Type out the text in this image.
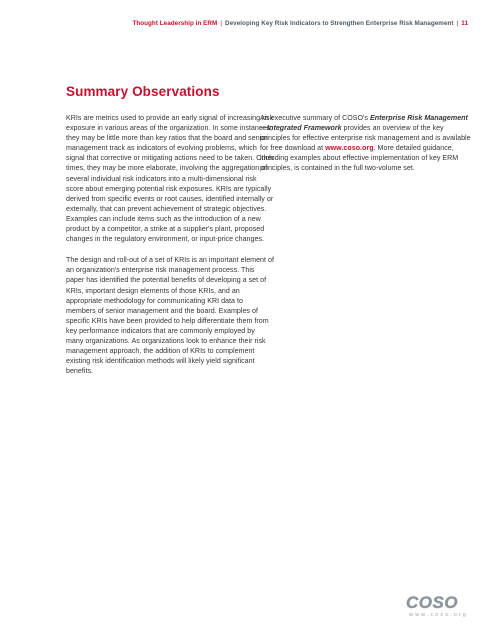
Thought Leadership in ERM | Developing Key Risk Indicators to Strengthen Enterprise Risk Management | 11
Summary Observations

KRIs are metrics used to provide an early signal of increasing risk exposure in various areas of the organization. In some instances, they may be little more than key ratios that the board and senior management track as indicators of evolving problems, which signal that corrective or mitigating actions need to be taken. Other times, they may be more elaborate, involving the aggregation of several individual risk indicators into a multi-dimensional risk score about emerging potential risk exposures. KRIs are typically derived from specific events or root causes, identified internally or externally, that can prevent achievement of strategic objectives. Examples can include items such as the introduction of a new product by a competitor, a strike at a supplier's plant, proposed changes in the regulatory environment, or input-price changes.

The design and roll-out of a set of KRIs is an important element of an organization's enterprise risk management process. This paper has identified the potential benefits of developing a set of KRIs, important design elements of those KRIs, and an appropriate methodology for communicating KRI data to members of senior management and the board. Examples of specific KRIs have been provided to help differentiate them from key performance indicators that are commonly employed by many organizations. As organizations look to enhance their risk management approach, the addition of KRIs to complement existing risk identification methods will likely yield significant benefits.

An executive summary of COSO's Enterprise Risk Management—Integrated Framework provides an overview of the key principles for effective enterprise risk management and is available for free download at www.coso.org. More detailed guidance, including examples about effective implementation of key ERM principles, is contained in the full two-volume set.

COSO
www.coso.org
